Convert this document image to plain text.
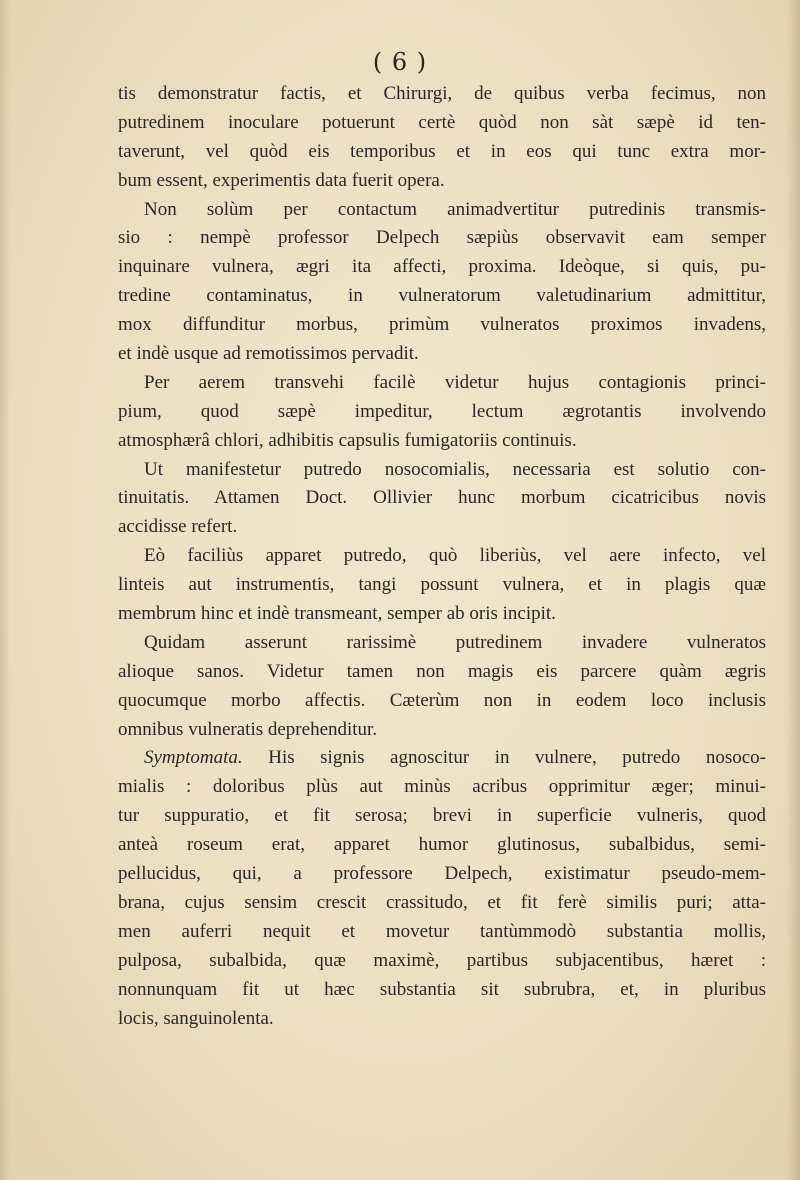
( 6 )
tis demonstratur factis, et Chirurgi, de quibus verba fecimus, non
putredinem inoculare potuerunt certè quòd non sàt sæpè id ten-
taverunt, vel quòd eis temporibus et in eos qui tunc extra mor-
bum essent, experimentis data fuerit opera.
Non solùm per contactum animadvertitur putredinis transmis-
sio : nempè professor Delpech sæpiùs observavit eam semper
inquinare vulnera, ægri ita affecti, proxima. Ideòque, si quis, pu-
tredine contaminatus, in vulneratorum valetudinarium admittitur,
mox diffunditur morbus, primùm vulneratos proximos invadens,
et indè usque ad remotissimos pervadit.
Per aerem transvehi facilè videtur hujus contagionis princi-
pium, quod sæpè impeditur, lectum ægrotantis involvendo
atmosphærâ chlori, adhibitis capsulis fumigatoriis continuis.
Ut manifestetur putredo nosocomialis, necessaria est solutio con-
tinuitatis. Attamen Doct. Ollivier hunc morbum cicatricibus novis
accidisse refert.
Eò faciliùs apparet putredo, quò liberiùs, vel aere infecto, vel
linteis aut instrumentis, tangi possunt vulnera, et in plagis quæ
membrum hinc et indè transmeant, semper ab oris incipit.
Quidam asserunt rarissimè putredinem invadere vulneratos
alioque sanos. Videtur tamen non magis eis parcere quàm ægris
quocumque morbo affectis. Cæterùm non in eodem loco inclusis
omnibus vulneratis deprehenditur.
Symptomata. His signis agnoscitur in vulnere, putredo nosoco-
mialis : doloribus plùs aut minùs acribus opprimitur æger; minui-
tur suppuratio, et fit serosa; brevi in superficie vulneris, quod
anteà roseum erat, apparet humor glutinosus, subalbidus, semi-
pellucidus, qui, a professore Delpech, existimatur pseudo-mem-
brana, cujus sensim crescit crassitudo, et fit ferè similis puri; atta-
men auferri nequit et movetur tantùmmodò substantia mollis,
pulposa, subalbida, quæ maximè, partibus subjacentibus, hæret :
nonnunquam fit ut hæc substantia sit subrubra, et, in pluribus
locis, sanguinolenta.
